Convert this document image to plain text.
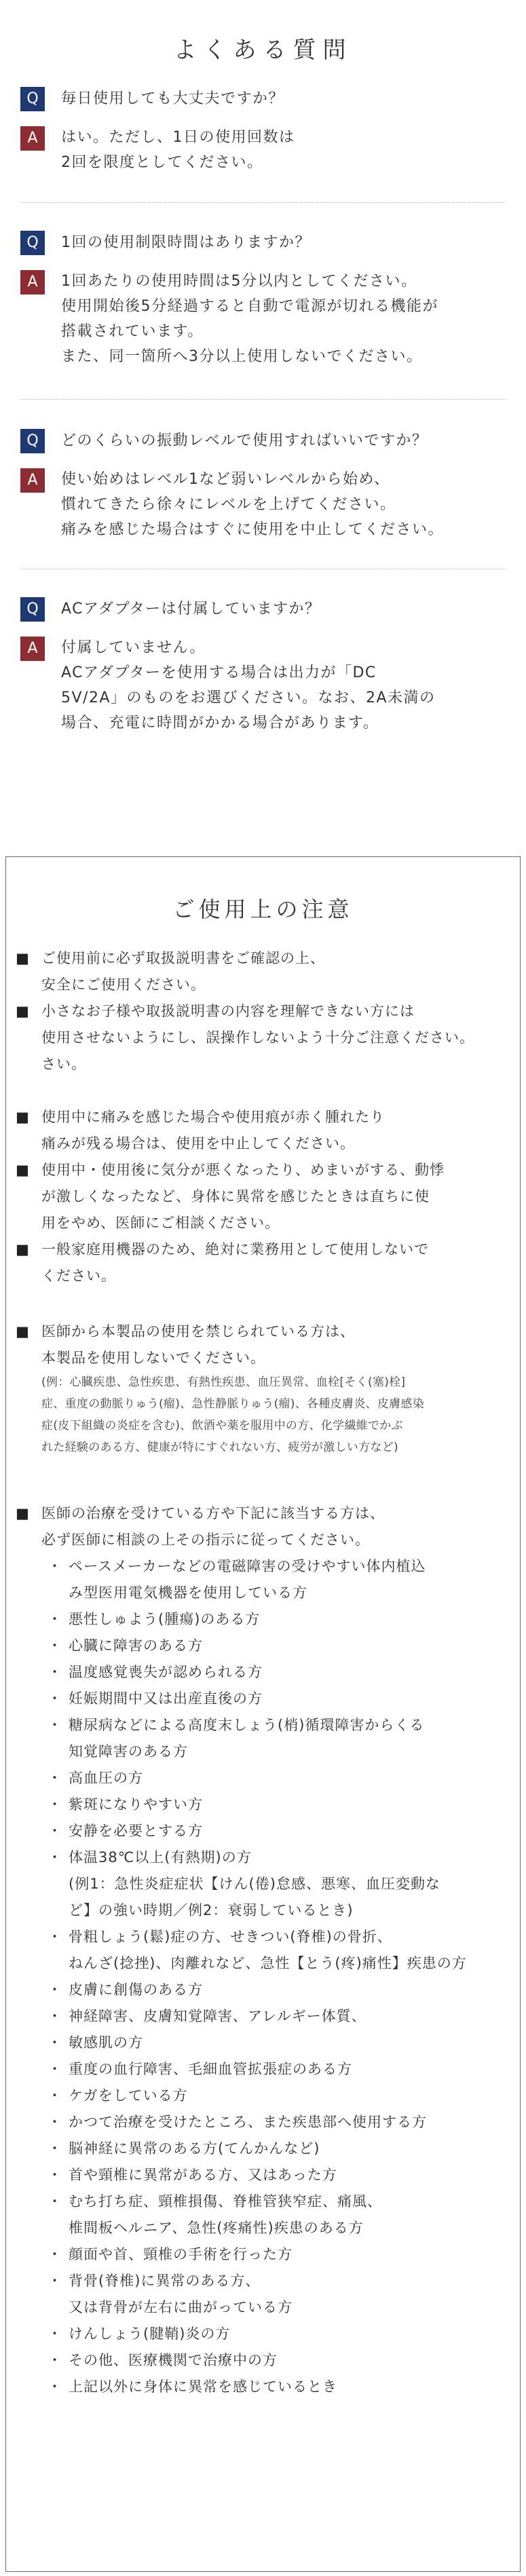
よくある質問
Q	毎日使用しても大丈夫ですか？
A	はい。ただし、1日の使用回数は
2回を限度としてください。
Q	1回の使用制限時間はありますか？
A	1回あたりの使用時間は5分以内としてください。
使用開始後5分経過すると自動で電源が切れる機能が
搭載されています。
また、同一箇所へ3分以上使用しないでください。
Q	どのくらいの振動レベルで使用すればいいですか？
A	使い始めはレベル1など弱いレベルから始め、
慣れてきたら徐々にレベルを上げてください。
痛みを感じた場合はすぐに使用を中止してください。
Q	ACアダプターは付属していますか？
A	付属していません。
ACアダプターを使用する場合は出力が「DC
5V/2A」のものをお選びください。なお、2A未満の
場合、充電に時間がかかる場合があります。
ご使用上の注意
■ ご使用前に必ず取扱説明書をご確認の上、
安全にご使用ください。
■ 小さなお子様や取扱説明書の内容を理解できない方には
使用させないようにし、誤操作しないよう十分ご注意ください。
さい。
■ 使用中に痛みを感じた場合や使用痕が赤く腫れたり
痛みが残る場合は、使用を中止してください。
■ 使用中・使用後に気分が悪くなったり、めまいがする、動悸
が激しくなったなど、身体に異常を感じたときは直ちに使
用をやめ、医師にご相談ください。
■ 一般家庭用機器のため、絶対に業務用として使用しないで
ください。
■ 医師から本製品の使用を禁じられている方は、
本製品を使用しないでください。
(例：心臓疾患、急性疾患、有熱性疾患、血圧異常、血栓[そく(塞)栓]
症、重度の動脈りゅう(瘤)、急性静脈りゅう(瘤)、各種皮膚炎、皮膚感染
症(皮下組織の炎症を含む)、飲酒や薬を服用中の方、化学繊維でかぶ
れた経験のある方、健康が特にすぐれない方、疲労が激しい方など)
■ 医師の治療を受けている方や下記に該当する方は、
必ず医師に相談の上その指示に従ってください。
・ ペースメーカーなどの電磁障害の受けやすい体内植込
み型医用電気機器を使用している方
・ 悪性しゅよう(腫瘍)のある方
・ 心臓に障害のある方
・ 温度感覚喪失が認められる方
・ 妊娠期間中又は出産直後の方
・ 糖尿病などによる高度末しょう(梢)循環障害からくる
知覚障害のある方
・ 高血圧の方
・ 紫斑になりやすい方
・ 安静を必要とする方
・ 体温38℃以上(有熱期)の方
(例1：急性炎症症状【けん(倦)怠感、悪寒、血圧変動な
ど】の強い時期／例2：衰弱しているとき)
・ 骨粗しょう(鬆)症の方、せきつい(脊椎)の骨折、
ねんざ(捻挫)、肉離れなど、急性【とう(疼)痛性】疾患の方
・ 皮膚に創傷のある方
・ 神経障害、皮膚知覚障害、アレルギー体質、
・ 敏感肌の方
・ 重度の血行障害、毛細血管拡張症のある方
・ ケガをしている方
・ かつて治療を受けたところ、また疾患部へ使用する方
・ 脳神経に異常のある方(てんかんなど)
・ 首や頸椎に異常がある方、又はあった方
・ むち打ち症、頸椎損傷、脊椎管狭窄症、痛風、
椎間板ヘルニア、急性(疼痛性)疾患のある方
・ 顔面や首、頸椎の手術を行った方
・ 背骨(脊椎)に異常のある方、
又は背骨が左右に曲がっている方
・ けんしょう(腱鞘)炎の方
・ その他、医療機関で治療中の方
・ 上記以外に身体に異常を感じているとき
